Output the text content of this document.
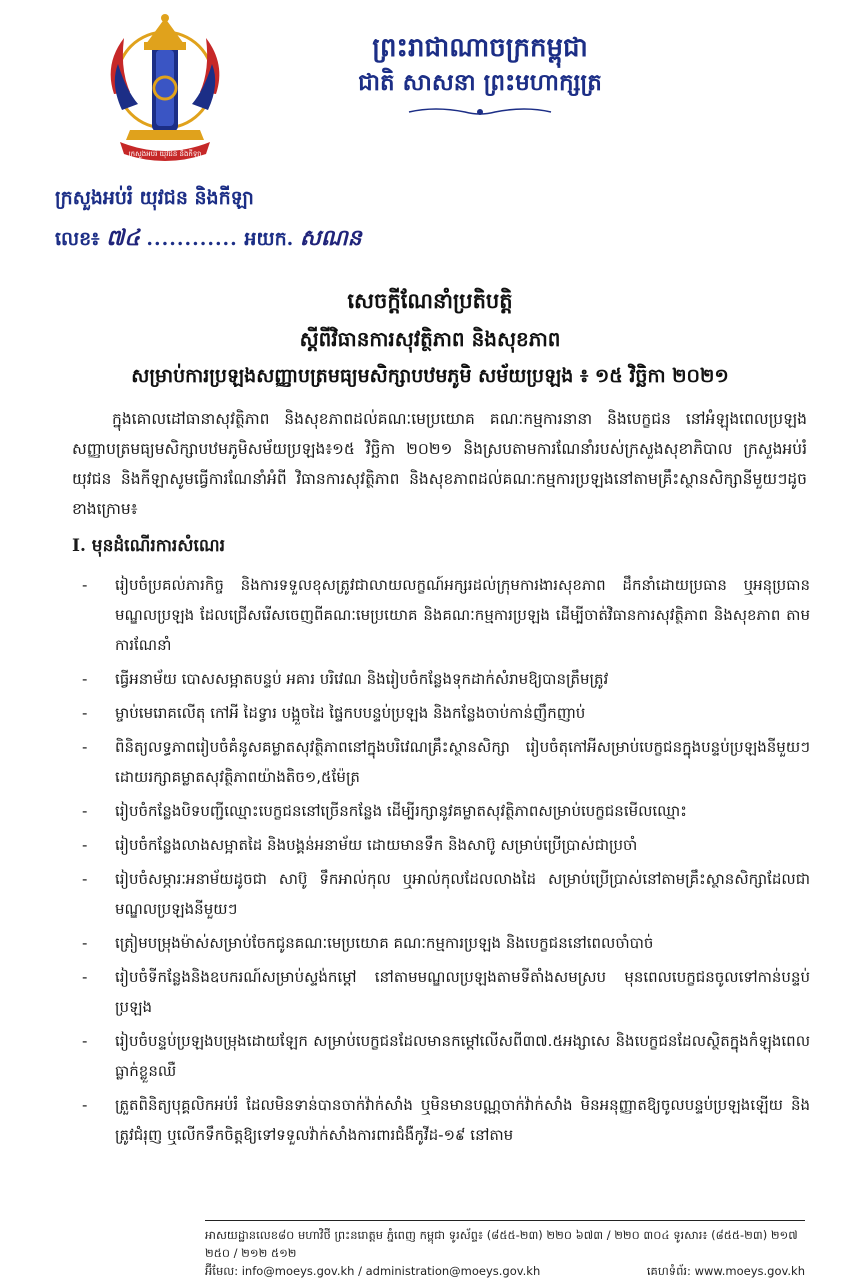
ក្រសួងអប់រំ យុវជន និងកីឡា
ព្រះរាជាណាចក្រកម្ពុជា
ជាតិ សាសនា ព្រះមហាក្សត្រ
ក្រសួងអប់រំ យុវជន និងកីឡា
លេខ៖ ៧៤ ............ អយក. សណន
សេចក្តីណែនាំប្រតិបត្តិ
ស្តីពីវិធានការសុវត្ថិភាព និងសុខភាព
សម្រាប់ការប្រឡងសញ្ញាបត្រមធ្យមសិក្សាបឋមភូមិ សម័យប្រឡង ៖ ១៥ វិច្ឆិកា ២០២១

ក្នុងគោលដៅធានាសុវត្ថិភាព និងសុខភាពដល់គណៈមេប្រយោគ គណៈកម្មការនានា និងបេក្ខជន នៅអំឡុងពេលប្រឡងសញ្ញាបត្រមធ្យមសិក្សាបឋមភូមិសម័យប្រឡង៖១៥ វិច្ឆិកា ២០២១ និងស្របតាមការណែនាំរបស់ក្រសួងសុខាភិបាល ក្រសួងអប់រំ យុវជន និងកីឡាសូមធ្វើការណែនាំអំពី វិធានការសុវត្ថិភាព និងសុខភាពដល់គណៈកម្មការប្រឡងនៅតាមគ្រឹះស្ថានសិក្សានីមួយៗដូចខាងក្រោម៖

I. មុនដំណើរការសំណេរ
- រៀបចំប្រគល់ភារកិច្ច និងការទទួលខុសត្រូវជាលាយលក្ខណ៍អក្សរដល់ក្រុមការងារសុខភាព ដឹកនាំដោយប្រធាន ឬអនុប្រធានមណ្ឌលប្រឡង ដែលជ្រើសរើសចេញពីគណៈមេប្រយោគ និងគណៈកម្មការប្រឡង ដើម្បីចាត់វិធានការសុវត្ថិភាព និងសុខភាព តាមការណែនាំ
- ធ្វើអនាម័យ បោសសម្អាតបន្ទប់ អគារ បរិវេណ និងរៀបចំកន្លែងទុកដាក់សំរាមឱ្យបានត្រឹមត្រូវ
- ម្ចាប់មេរោគលើតុ កៅអី ដៃទ្វារ បង្អួចដៃ ផ្ទៃកបបន្ទប់ប្រឡង និងកន្លែងចាប់កាន់ញឹកញាប់
- ពិនិត្យលទ្ធភាពរៀបចំគំនូសគម្លាតសុវត្ថិភាពនៅក្នុងបរិវេណគ្រឹះស្ថានសិក្សា រៀបចំតុកៅអីសម្រាប់បេក្ខជនក្នុងបន្ទប់ប្រឡងនីមួយៗ ដោយរក្សាគម្លាតសុវត្ថិភាពយ៉ាងតិច១,៥ម៉ែត្រ
- រៀបចំកន្លែងបិទបញ្ជីឈ្មោះបេក្ខជននៅច្រើនកន្លែង ដើម្បីរក្សានូវគម្លាតសុវត្ថិភាពសម្រាប់បេក្ខជនមើលឈ្មោះ
- រៀបចំកន្លែងលាងសម្អាតដៃ និងបង្គន់អនាម័យ ដោយមានទឹក និងសាប៊ូ សម្រាប់ប្រើប្រាស់ជាប្រចាំ
- រៀបចំសម្ភារៈអនាម័យដូចជា សាប៊ូ ទឹកអាល់កុល ឬអាល់កុលដែលលាងដៃ សម្រាប់ប្រើប្រាស់នៅតាមគ្រឹះស្ថានសិក្សាដែលជាមណ្ឌលប្រឡងនីមួយៗ
- ត្រៀមបម្រុងម៉ាស់សម្រាប់ចែកជូនគណៈមេប្រយោគ គណៈកម្មការប្រឡង និងបេក្ខជននៅពេលចាំបាច់
- រៀបចំទីកន្លែងនិងឧបករណ៍សម្រាប់ស្ទង់កម្តៅ នៅតាមមណ្ឌលប្រឡងតាមទីតាំងសមស្រប មុនពេលបេក្ខជនចូលទៅកាន់បន្ទប់ប្រឡង
- រៀបចំបន្ទប់ប្រឡងបម្រុងដោយឡែក សម្រាប់បេក្ខជនដែលមានកម្តៅលើសពី៣៧.៥អង្សាសេ និងបេក្ខជនដែលស្ថិតក្នុងកំឡុងពេលធ្លាក់ខ្លួនឈឺ
- ត្រួតពិនិត្យបុគ្គលិកអប់រំ ដែលមិនទាន់បានចាក់វ៉ាក់សាំង ឬមិនមានបណ្ណចាក់វ៉ាក់សាំង មិនអនុញ្ញាតឱ្យចូលបន្ទប់ប្រឡងឡើយ និងត្រូវជំរុញ ឬលើកទឹកចិត្តឱ្យទៅទទួលវ៉ាក់សាំងការពារជំងឺកូវីដ-១៩ នៅតាម
អាសយដ្ឋានលេខ៨០ មហាវិថី ព្រះនរោត្តម ភ្នំពេញ កម្ពុជា ទូរស័ព្ទ៖ (៨៥៥-២៣) ២២០ ៦៧៣ / ២២០ ៣០៤ ទូរសារ៖ (៨៥៥-២៣) ២១៧ ២៥០ / ២១២ ៥១២
អ៊ីមែល: info@moeys.gov.kh / administration@moeys.gov.kh	គេហទំព័រ: www.moeys.gov.kh
